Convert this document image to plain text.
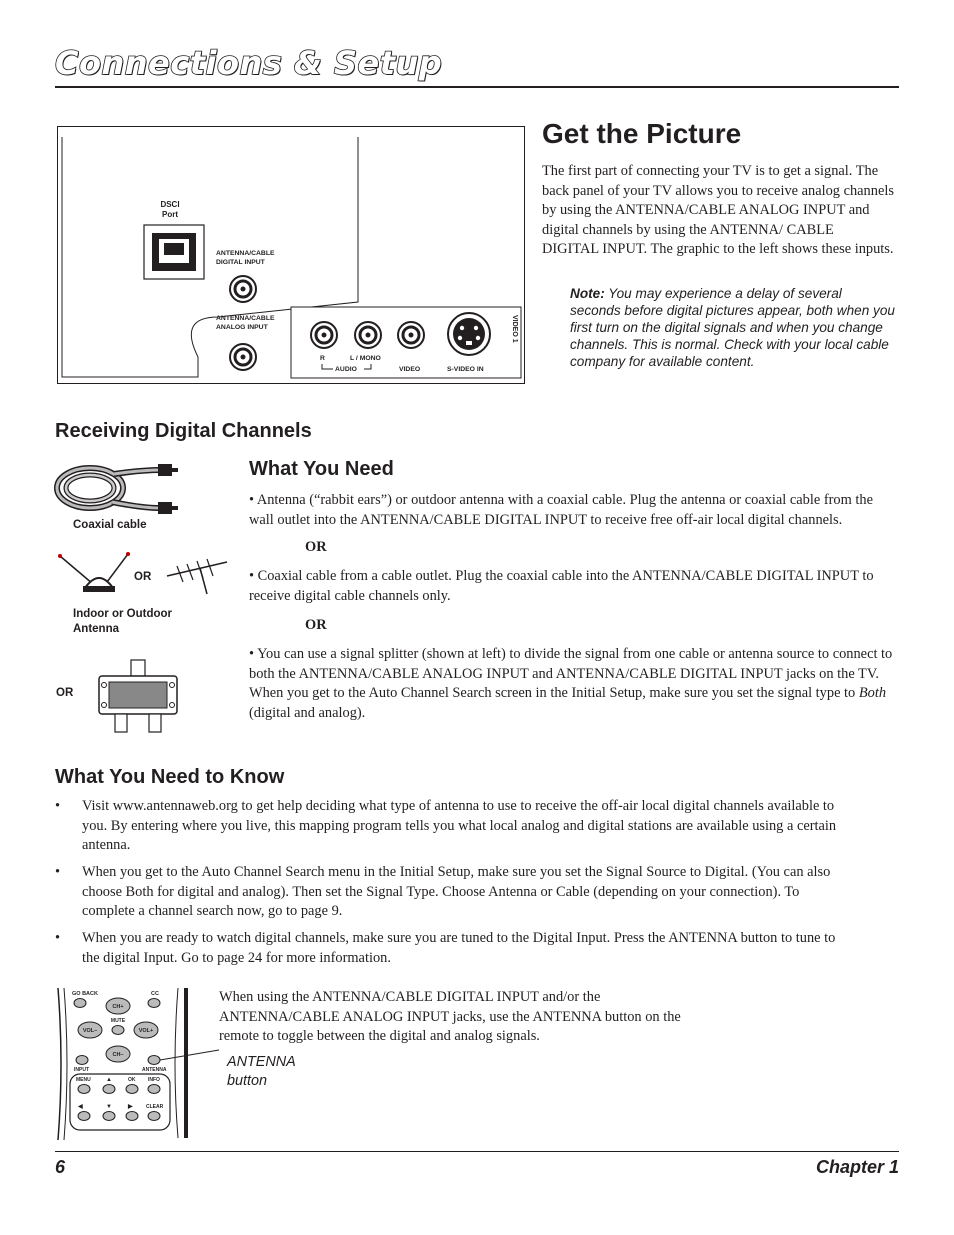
Connections & Setup
DSCI
Port
ANTENNA/CABLE
DIGITAL INPUT
ANTENNA/CABLE
ANALOG INPUT
R	L / MONO
AUDIO	VIDEO	S-VIDEO IN
VIDEO 1
Get the Picture
The first part of connecting your TV is to get a signal. The back panel of your TV allows you to receive analog channels by using the ANTENNA/CABLE ANALOG INPUT and digital channels by using the ANTENNA/ CABLE DIGITAL INPUT. The graphic to the left shows these inputs.
Note: You may experience a delay of several seconds before digital pictures appear, both when you first turn on the digital signals and when you change channels. This is normal. Check with your local cable company for available content.
Receiving Digital Channels
Coaxial cable
OR
Indoor or Outdoor
Antenna
OR
What You Need
• Antenna (“rabbit ears”) or outdoor antenna with a coaxial cable. Plug the antenna or coaxial cable from the wall outlet into the ANTENNA/CABLE DIGITAL INPUT to receive free off-air local digital channels.
OR
• Coaxial cable from a cable outlet. Plug the coaxial cable into the ANTENNA/CABLE DIGITAL INPUT to receive digital cable channels only.
OR
• You can use a signal splitter (shown at left) to divide the signal from one cable or antenna source to connect to both the ANTENNA/CABLE ANALOG INPUT and ANTENNA/CABLE DIGITAL INPUT jacks on the TV. When you get to the Auto Channel Search screen in the Initial Setup, make sure you set the signal type to Both (digital and analog).
What You Need to Know
• Visit www.antennaweb.org to get help deciding what type of antenna to use to receive the off-air local digital channels available to you. By entering where you live, this mapping program tells you what local analog and digital stations are available using a certain antenna.
• When you get to the Auto Channel Search menu in the Initial Setup, make sure you set the Signal Source to Digital. (You can also choose Both for digital and analog). Then set the Signal Type. Choose Antenna or Cable (depending on your connection). To complete a channel search now, go to page 9.
• When you are ready to watch digital channels, make sure you are tuned to the Digital Input. Press the ANTENNA button to tune to the digital Input. Go to page 24 for more information.
GO BACK	CC
CH+
VOL–	VOL+
MUTE
CH–
INPUT	ANTENNA
MENU	OK	INFO
▲
◀	▼	▶	CLEAR
When using the ANTENNA/CABLE DIGITAL INPUT and/or the ANTENNA/CABLE ANALOG INPUT jacks, use the ANTENNA button on the remote to toggle between the digital and analog signals.
ANTENNA
button
6	Chapter 1
